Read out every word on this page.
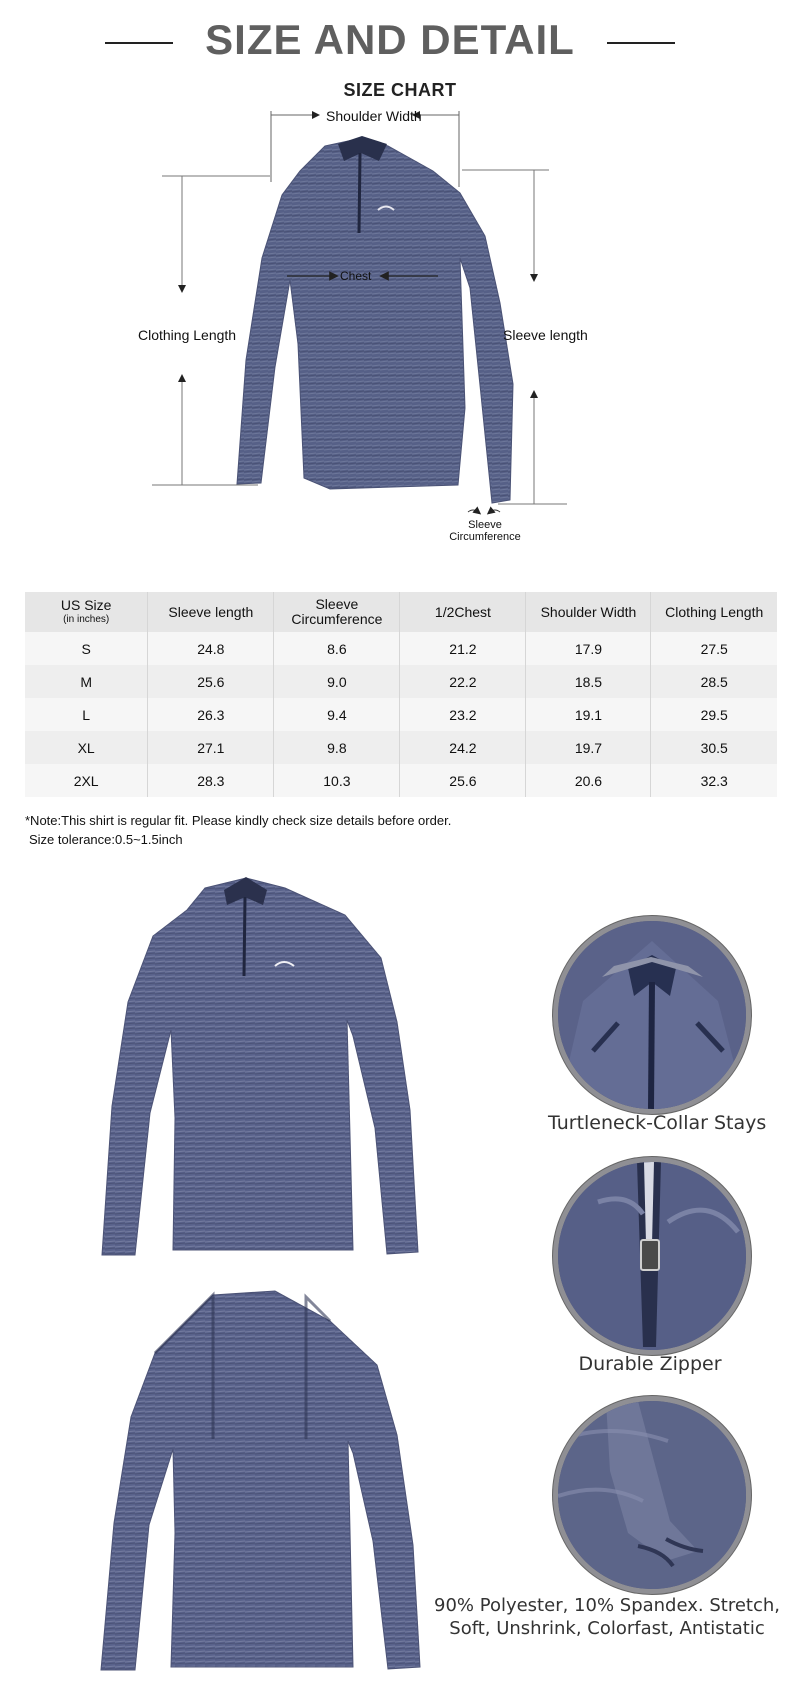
SIZE AND DETAIL
SIZE CHART
Shoulder Width
Chest
Clothing Length	Sleeve length
Sleeve
Circumference
US Size
(in inches)	Sleeve length	Sleeve
Circumference	1/2Chest	Shoulder Width	Clothing Length
S	24.8	8.6	21.2	17.9	27.5
M	25.6	9.0	22.2	18.5	28.5
L	26.3	9.4	23.2	19.1	29.5
XL	27.1	9.8	24.2	19.7	30.5
2XL	28.3	10.3	25.6	20.6	32.3
*Note:This shirt is regular fit. Please kindly check size details before order.
Size tolerance:0.5~1.5inch
Turtleneck-Collar Stays
Durable Zipper
90% Polyester, 10% Spandex. Stretch,
Soft, Unshrink, Colorfast, Antistatic
